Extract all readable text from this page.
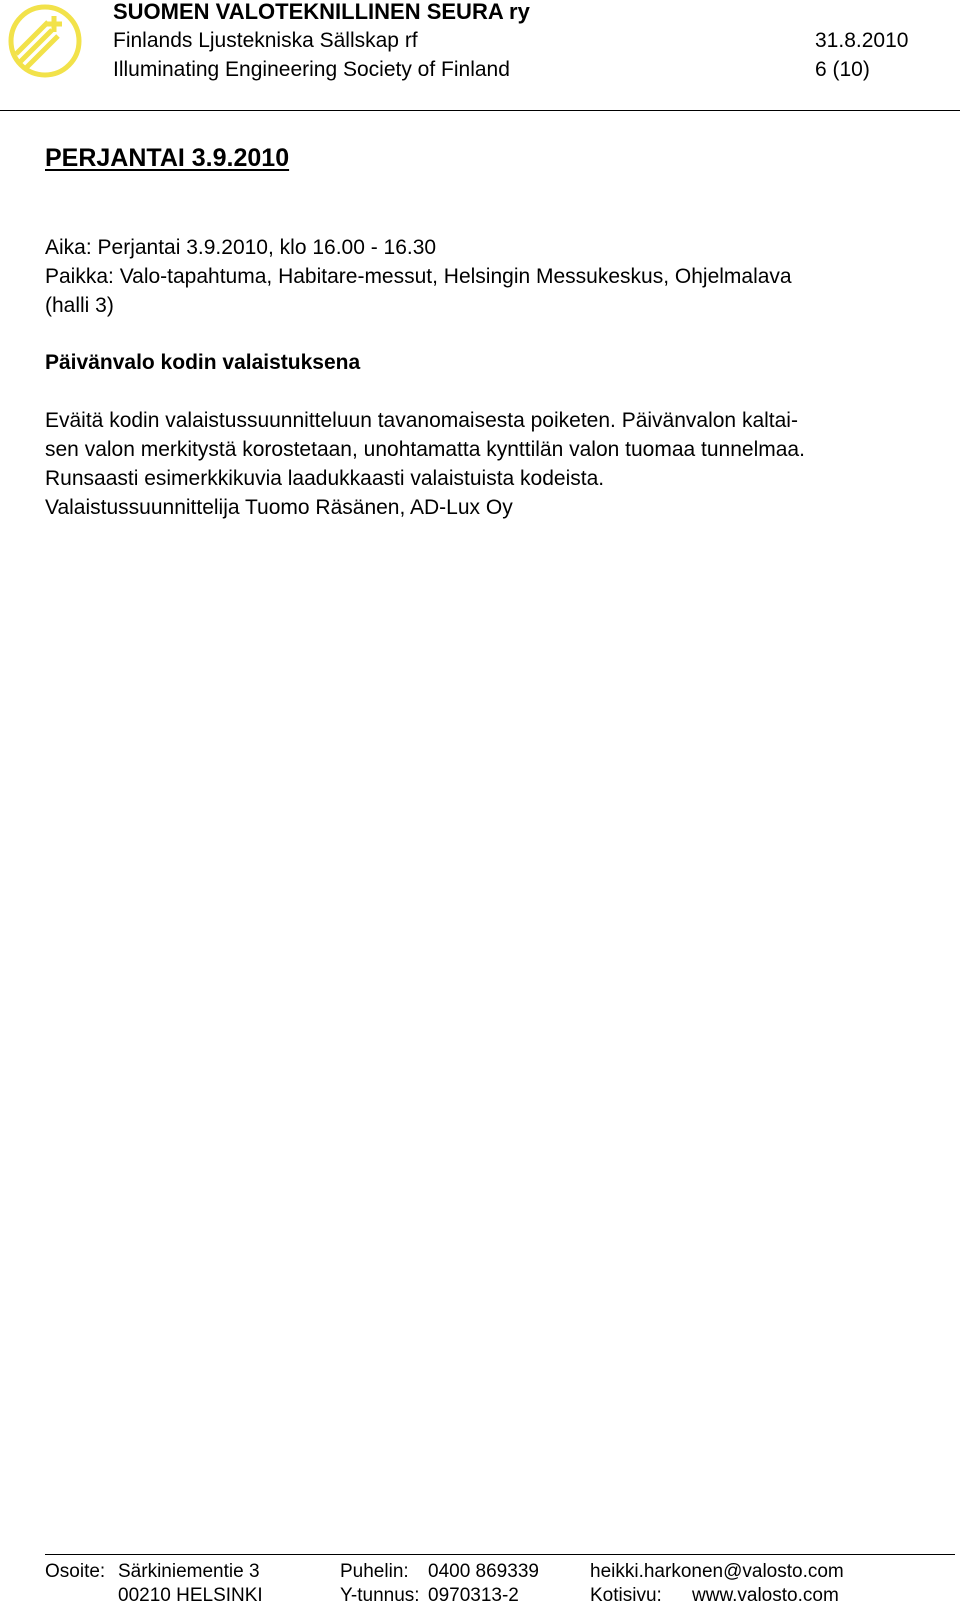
SUOMEN VALOTEKNILLINEN SEURA ry
Finlands Ljustekniska Sällskap rf
Illuminating Engineering Society of Finland
31.8.2010
6 (10)
PERJANTAI 3.9.2010
Aika: Perjantai 3.9.2010, klo 16.00 - 16.30
Paikka: Valo-tapahtuma, Habitare-messut, Helsingin Messukeskus, Ohjelmalava
(halli 3)
Päivänvalo kodin valaistuksena
Eväitä kodin valaistussuunnitteluun tavanomaisesta poiketen. Päivänvalon kaltai-
sen valon merkitystä korostetaan, unohtamatta kynttilän valon tuomaa tunnelmaa.
Runsaasti esimerkkikuvia laadukkaasti valaistuista kodeista.
Valaistussuunnittelija Tuomo Räsänen, AD-Lux Oy
Osoite: Särkiniementie 3
00210 HELSINKI
Puhelin: 0400 869339
Y-tunnus: 0970313-2
heikki.harkonen@valosto.com
Kotisivu: www.valosto.com
